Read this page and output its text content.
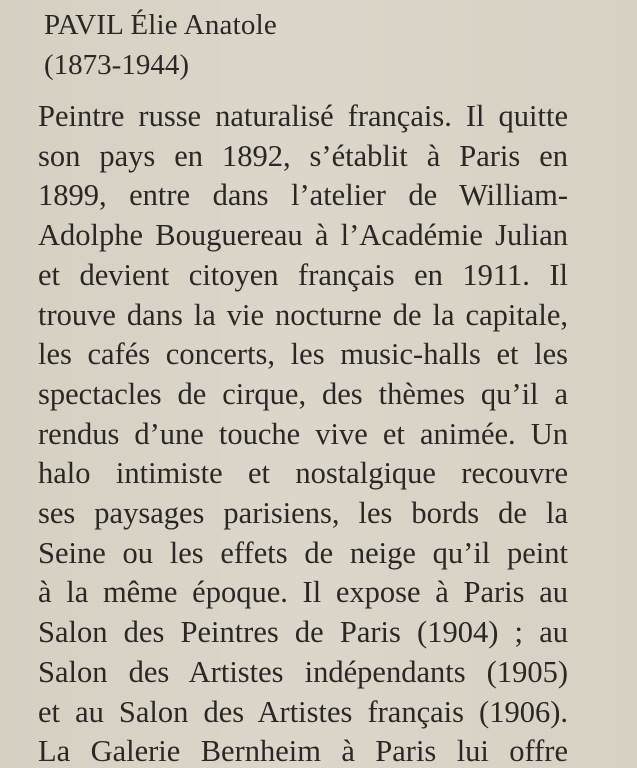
PAVIL Élie Anatole
(1873-1944)
Peintre russe naturalisé français. Il quitte
son pays en 1892, s’établit à Paris en
1899, entre dans l’atelier de William-
Adolphe Bouguereau à l’Académie Julian
et devient citoyen français en 1911. Il
trouve dans la vie nocturne de la capitale,
les cafés concerts, les music-halls et les
spectacles de cirque, des thèmes qu’il a
rendus d’une touche vive et animée. Un
halo intimiste et nostalgique recouvre
ses paysages parisiens, les bords de la
Seine ou les effets de neige qu’il peint
à la même époque. Il expose à Paris au
Salon des Peintres de Paris (1904) ; au
Salon des Artistes indépendants (1905)
et au Salon des Artistes français (1906).
La Galerie Bernheim à Paris lui offre
